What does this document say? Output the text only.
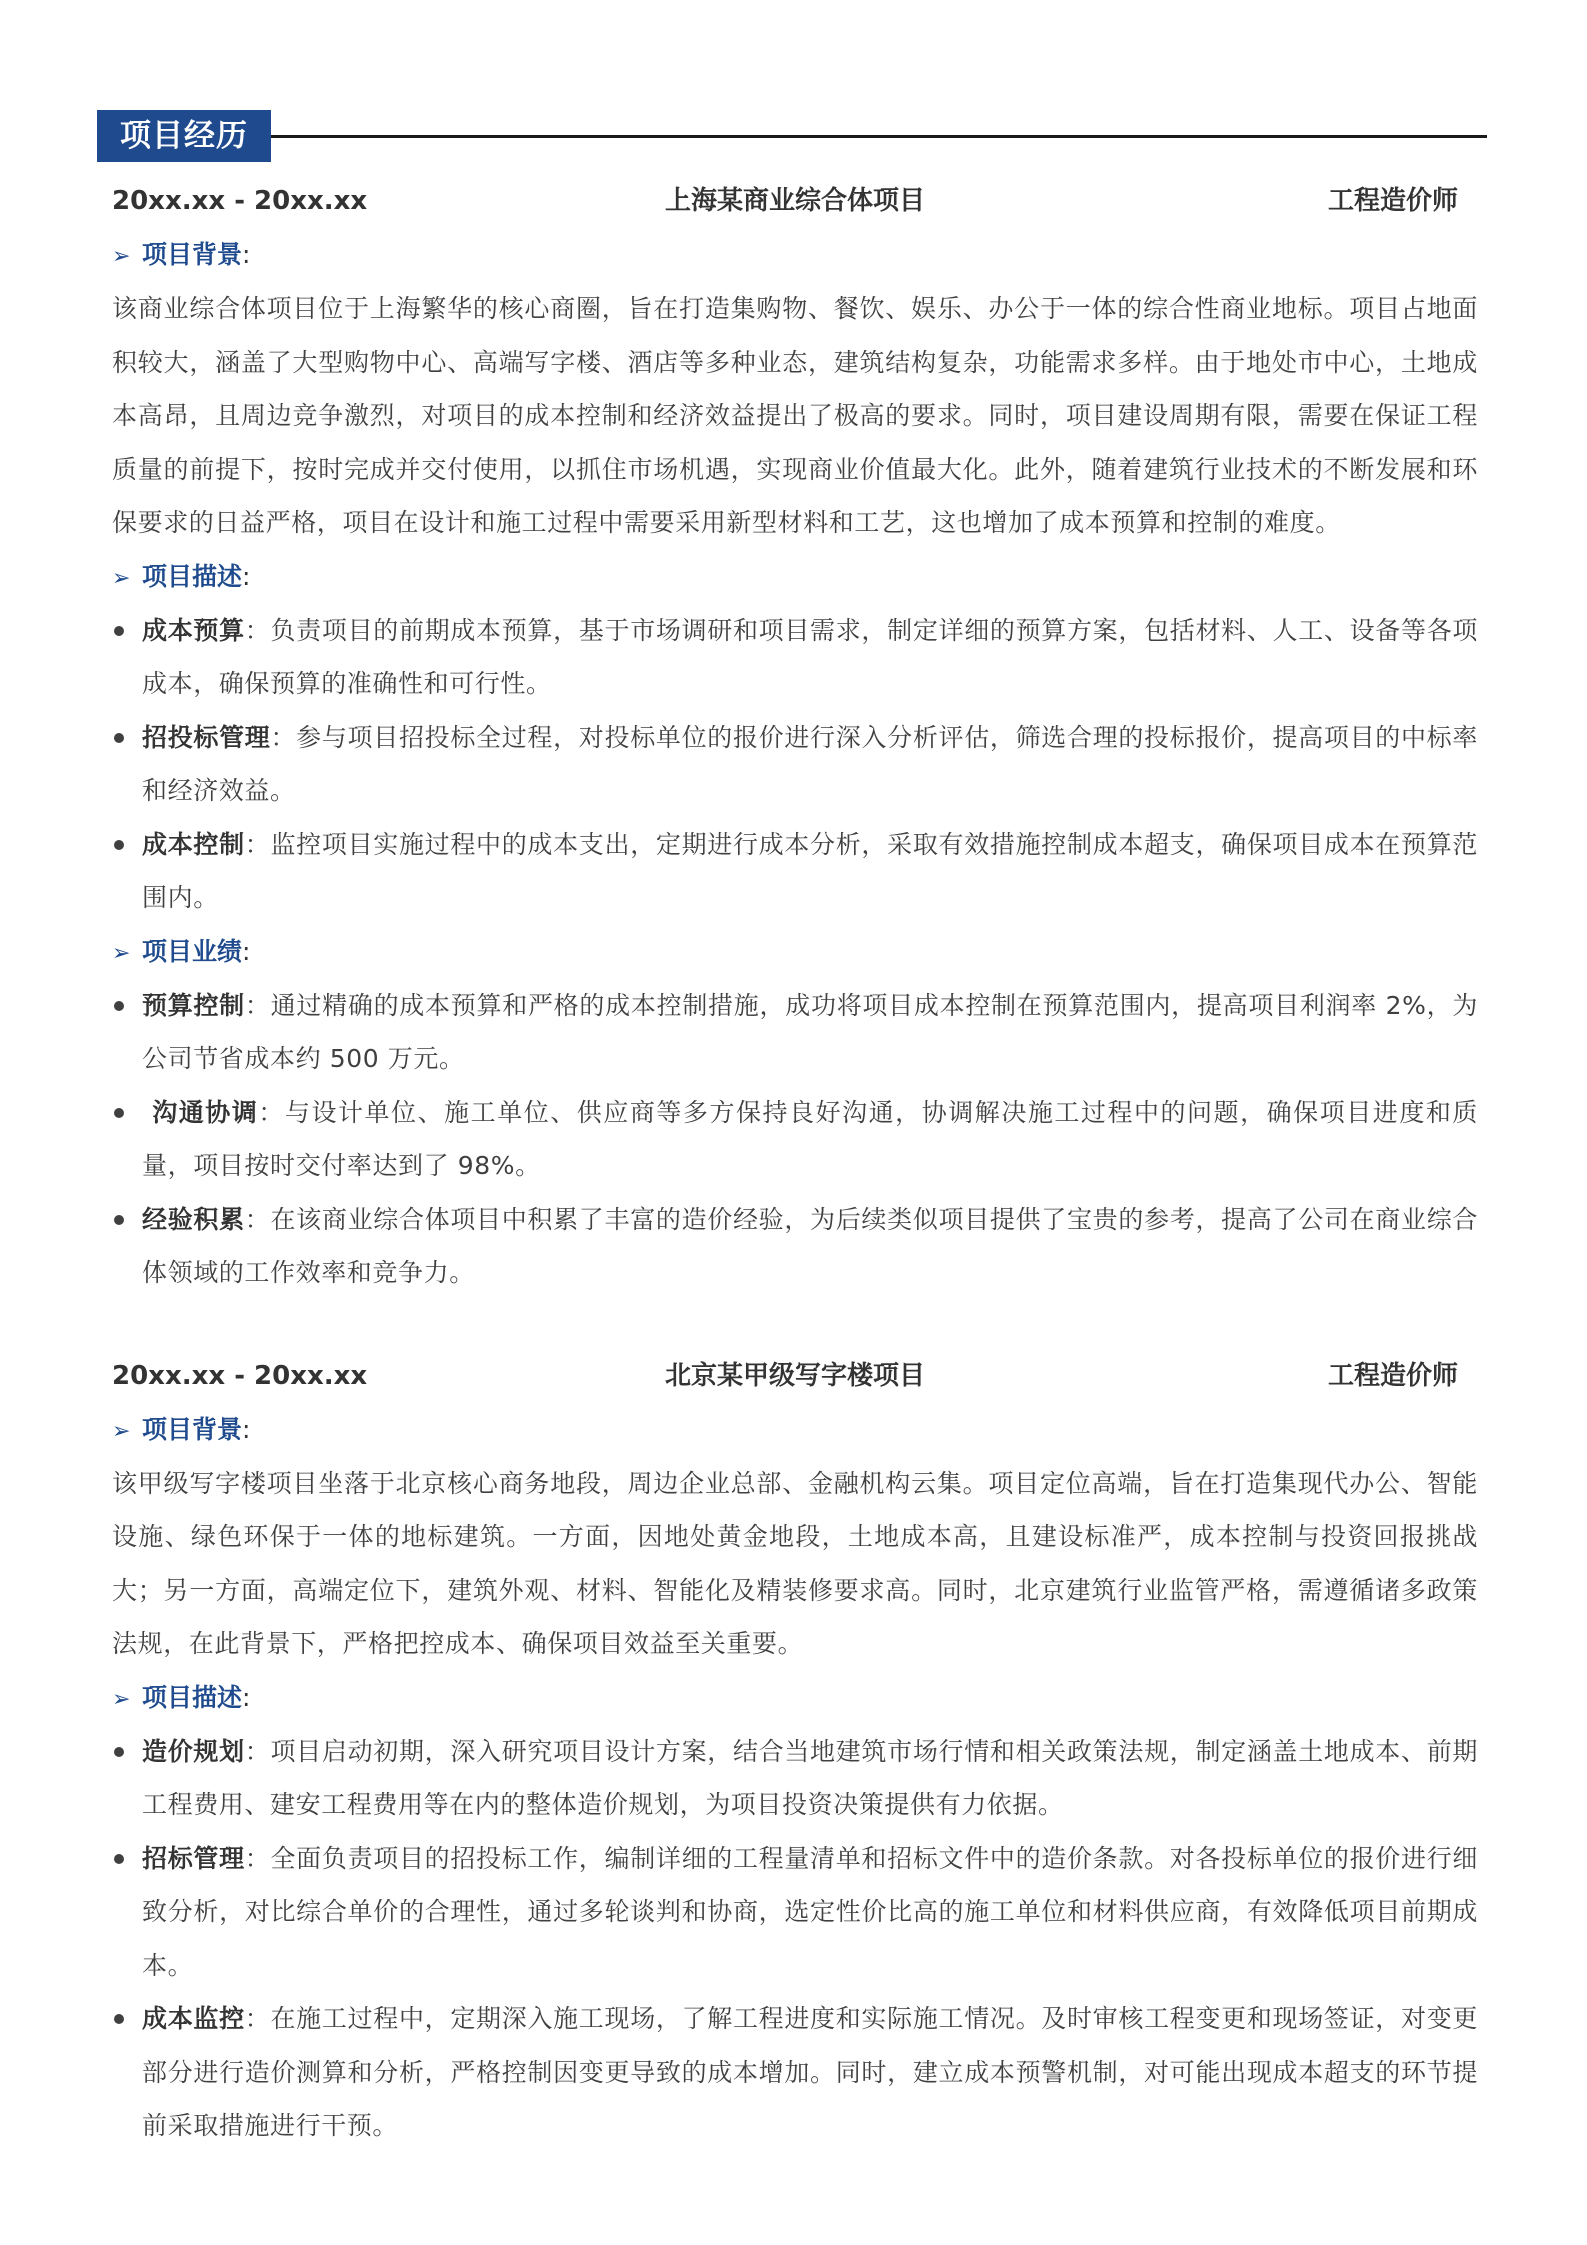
项目经历
上海某商业综合体项目
20xx.xx - 20xx.xx	工程造价师
➢ 项目背景:
该商业综合体项目位于上海繁华的核心商圈，旨在打造集购物、餐饮、娱乐、办公于一体的综合性商业地标。项目占地面积较大，涵盖了大型购物中心、高端写字楼、酒店等多种业态，建筑结构复杂，功能需求多样。由于地处市中心，土地成本高昂，且周边竞争激烈，对项目的成本控制和经济效益提出了极高的要求。同时，项目建设周期有限，需要在保证工程质量的前提下，按时完成并交付使用，以抓住市场机遇，实现商业价值最大化。此外，随着建筑行业技术的不断发展和环保要求的日益严格，项目在设计和施工过程中需要采用新型材料和工艺，这也增加了成本预算和控制的难度。
➢ 项目描述:
成本预算：负责项目的前期成本预算，基于市场调研和项目需求，制定详细的预算方案，包括材料、人工、设备等各项成本，确保预算的准确性和可行性。
招投标管理：参与项目招投标全过程，对投标单位的报价进行深入分析评估，筛选合理的投标报价，提高项目的中标率和经济效益。
成本控制：监控项目实施过程中的成本支出，定期进行成本分析，采取有效措施控制成本超支，确保项目成本在预算范围内。
➢ 项目业绩:
预算控制：通过精确的成本预算和严格的成本控制措施，成功将项目成本控制在预算范围内，提高项目利润率 2%，为公司节省成本约 500 万元。
沟通协调：与设计单位、施工单位、供应商等多方保持良好沟通，协调解决施工过程中的问题，确保项目进度和质量，项目按时交付率达到了 98%。
经验积累：在该商业综合体项目中积累了丰富的造价经验，为后续类似项目提供了宝贵的参考，提高了公司在商业综合体领域的工作效率和竞争力。
北京某甲级写字楼项目
20xx.xx - 20xx.xx	工程造价师
➢ 项目背景:
该甲级写字楼项目坐落于北京核心商务地段，周边企业总部、金融机构云集。项目定位高端，旨在打造集现代办公、智能设施、绿色环保于一体的地标建筑。一方面，因地处黄金地段，土地成本高，且建设标准严，成本控制与投资回报挑战大；另一方面，高端定位下，建筑外观、材料、智能化及精装修要求高。同时，北京建筑行业监管严格，需遵循诸多政策法规，在此背景下，严格把控成本、确保项目效益至关重要。
➢ 项目描述:
造价规划：项目启动初期，深入研究项目设计方案，结合当地建筑市场行情和相关政策法规，制定涵盖土地成本、前期工程费用、建安工程费用等在内的整体造价规划，为项目投资决策提供有力依据。
招标管理：全面负责项目的招投标工作，编制详细的工程量清单和招标文件中的造价条款。对各投标单位的报价进行细致分析，对比综合单价的合理性，通过多轮谈判和协商，选定性价比高的施工单位和材料供应商，有效降低项目前期成本。
成本监控：在施工过程中，定期深入施工现场，了解工程进度和实际施工情况。及时审核工程变更和现场签证，对变更部分进行造价测算和分析，严格控制因变更导致的成本增加。同时，建立成本预警机制，对可能出现成本超支的环节提前采取措施进行干预。
